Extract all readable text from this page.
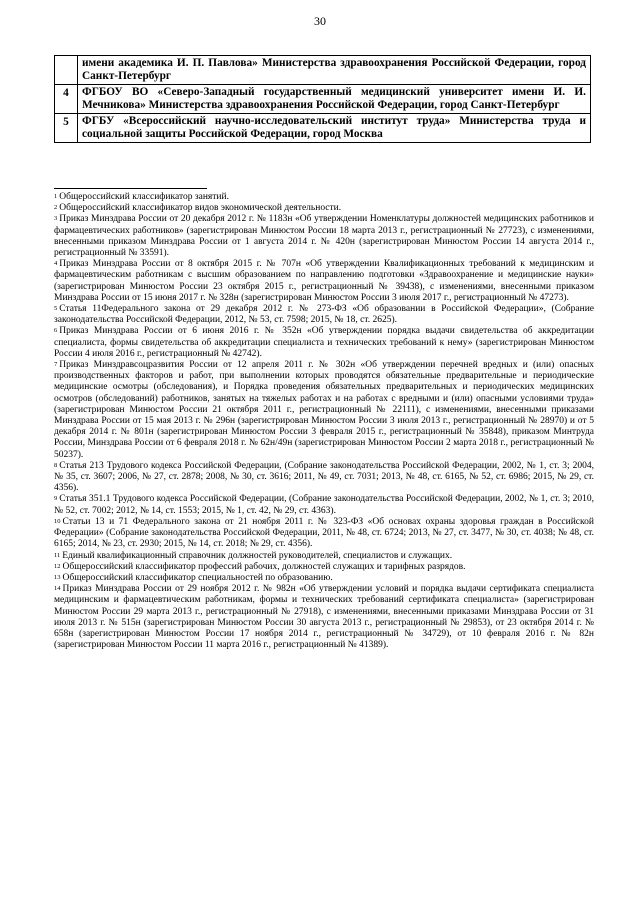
30
	имени академика И. П. Павлова» Министерства здравоохранения Российской Федерации, город Санкт-Петербург
4	ФГБОУ ВО «Северо-Западный государственный медицинский университет имени И. И. Мечникова» Министерства здравоохранения Российской Федерации, город Санкт-Петербург
5	ФГБУ «Всероссийский научно-исследовательский институт труда» Министерства труда и социальной защиты Российской Федерации, город Москва

$^1$ Общероссийский классификатор занятий.

$^2$ Общероссийский классификатор видов экономической деятельности.

$^3$ Приказ Минздрава России от 20 декабря 2012 г. № 1183н «Об утверждении Номенклатуры должностей медицинских работников и фармацевтических работников» (зарегистрирован Минюстом России 18 марта 2013 г., регистрационный № 27723), с изменениями, внесенными приказом Минздрава России от 1 августа 2014 г. № 420н (зарегистрирован Минюстом России 14 августа 2014 г., регистрационный № 33591).

$^4$ Приказ Минздрава России от 8 октября 2015 г. № 707н «Об утверждении Квалификационных требований к медицинским и фармацевтическим работникам с высшим образованием по направлению подготовки «Здравоохранение и медицинские науки» (зарегистрирован Минюстом России 23 октября 2015 г., регистрационный № 39438), с изменениями, внесенными приказом Минздрава России от 15 июня 2017 г. № 328н (зарегистрирован Минюстом России 3 июля 2017 г., регистрационный № 47273).

$^5$ Статья 11Федерального закона от 29 декабря 2012 г. № 273-ФЗ «Об образовании в Российской Федерации», (Собрание законодательства Российской Федерации, 2012, № 53, ст. 7598; 2015, № 18, ст. 2625).

$^6$ Приказ Минздрава России от 6 июня 2016 г. № 352н «Об утверждении порядка выдачи свидетельства об аккредитации специалиста, формы свидетельства об аккредитации специалиста и технических требований к нему» (зарегистрирован Минюстом России 4 июля 2016 г., регистрационный № 42742).

$^7$ Приказ Минздравсоцразвития России от 12 апреля 2011 г. № 302н «Об утверждении перечней вредных и (или) опасных производственных факторов и работ, при выполнении которых проводятся обязательные предварительные и периодические медицинские осмотры (обследования), и Порядка проведения обязательных предварительных и периодических медицинских осмотров (обследований) работников, занятых на тяжелых работах и на работах с вредными и (или) опасными условиями труда» (зарегистрирован Минюстом России 21 октября 2011 г., регистрационный № 22111), с изменениями, внесенными приказами Минздрава России от 15 мая 2013 г. № 296н (зарегистрирован Минюстом России 3 июля 2013 г., регистрационный № 28970) и от 5 декабря 2014 г. № 801н (зарегистрирован Минюстом России 3 февраля 2015 г., регистрационный № 35848), приказом Минтруда России, Минздрава России от 6 февраля 2018 г. № 62н/49н (зарегистрирован Минюстом России 2 марта 2018 г., регистрационный № 50237).

$^8$ Статья 213 Трудового кодекса Российской Федерации, (Собрание законодательства Российской Федерации, 2002, № 1, ст. 3; 2004, № 35, ст. 3607; 2006, № 27, ст. 2878; 2008, № 30, ст. 3616; 2011, № 49, ст. 7031; 2013, № 48, ст. 6165, № 52, ст. 6986; 2015, № 29, ст. 4356).

$^9$ Статья 351.1 Трудового кодекса Российской Федерации, (Собрание законодательства Российской Федерации, 2002, № 1, ст. 3; 2010, № 52, ст. 7002; 2012, № 14, ст. 1553; 2015, № 1, ст. 42, № 29, ст. 4363).

$^{10}$ Статьи 13 и 71 Федерального закона от 21 ноября 2011 г. № 323-ФЗ «Об основах охраны здоровья граждан в Российской Федерации» (Собрание законодательства Российской Федерации, 2011, № 48, ст. 6724; 2013, № 27, ст. 3477, № 30, ст. 4038; № 48, ст. 6165; 2014, № 23, ст. 2930; 2015, № 14, ст. 2018; № 29, ст. 4356).

$^{11}$ Единый квалификационный справочник должностей руководителей, специалистов и служащих.

$^{12}$ Общероссийский классификатор профессий рабочих, должностей служащих и тарифных разрядов.

$^{13}$ Общероссийский классификатор специальностей по образованию.

$^{14}$ Приказ Минздрава России от 29 ноября 2012 г. № 982н «Об утверждении условий и порядка выдачи сертификата специалиста медицинским и фармацевтическим работникам, формы и технических требований сертификата специалиста» (зарегистрирован Минюстом России 29 марта 2013 г., регистрационный № 27918), с изменениями, внесенными приказами Минздрава России от 31 июля 2013 г. № 515н (зарегистрирован Минюстом России 30 августа 2013 г., регистрационный № 29853), от 23 октября 2014 г. № 658н (зарегистрирован Минюстом России 17 ноября 2014 г., регистрационный № 34729), от 10 февраля 2016 г. № 82н (зарегистрирован Минюстом России 11 марта 2016 г., регистрационный № 41389).
